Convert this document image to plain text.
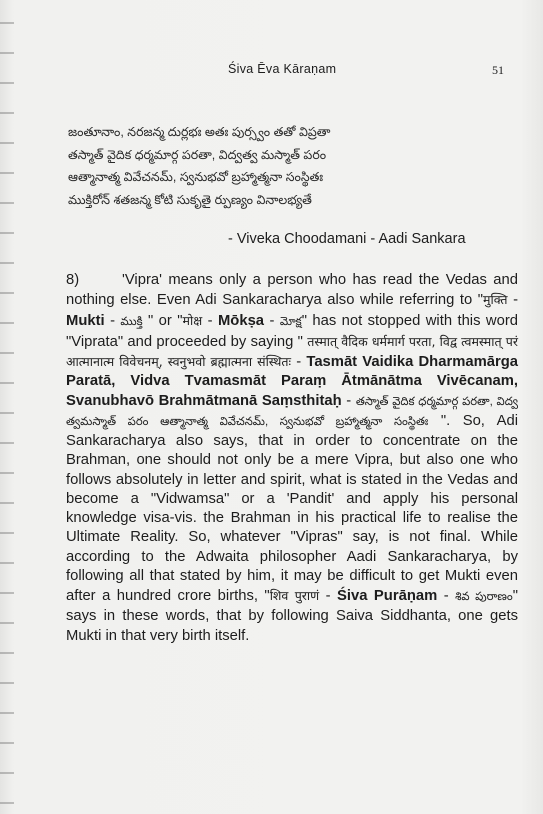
Śiva Ēva Kāraṇam	51
జంతూనాం, నరజన్మ దుర్లభః అతః పుర్స్వం తతో విప్రతా
తస్మాత్ వైదిక ధర్మమార్గ పరతా, విద్వత్వ మస్మాత్ పరం
ఆత్మానాత్మ వివేచనమ్, స్వనుభవో బ్రహ్మాత్మనా సంస్థితః
ముక్తిరోన్ శతజన్మ కోటి సుకృతై ర్పుణ్యం వినాలభ్యతే
- Viveka Choodamani - Aadi Sankara

8)	'Vipra' means only a person who has read the Vedas and nothing else. Even Adi Sankaracharya also while referring to "मुक्ति - Mukti - ముక్తి " or "मोक्ष - Mōkṣa - మోక్ష" has not stopped with this word "Viprata" and proceeded by saying " तस्मात् वैदिक धर्ममार्ग परता, विद्व त्वमस्मात् परं आत्मानात्म विवेचनम्, स्वनुभवो ब्रह्मात्मना संस्थितः - Tasmāt Vaidika Dharmamārga Paratā, Vidva Tvamasmāt Paraṃ Ātmānātma Vivēcanam, Svanubhavō Brahmātmanā Saṃsthitaḥ - తస్మాత్ వైదిక ధర్మమార్గ పరతా, విద్వ త్వమస్మాత్ పరం ఆత్మానాత్మ వివేచనమ్, స్వనుభవో బ్రహ్మాత్మనా సంస్థితః ". So, Adi Sankaracharya also says, that in order to concentrate on the Brahman, one should not only be a mere Vipra, but also one who follows absolutely in letter and spirit, what is stated in the Vedas and become a "Vidwamsa" or a 'Pandit' and apply his personal knowledge visa-vis. the Brahman in his practical life to realise the Ultimate Reality. So, whatever "Vipras" say, is not final. While according to the Adwaita philosopher Aadi Sankaracharya, by following all that stated by him, it may be difficult to get Mukti even after a hundred crore births, "शिव पुराणं - Śiva Purāṇam - శివ పురాణం" says in these words, that by following Saiva Siddhanta, one gets Mukti in that very birth itself.
